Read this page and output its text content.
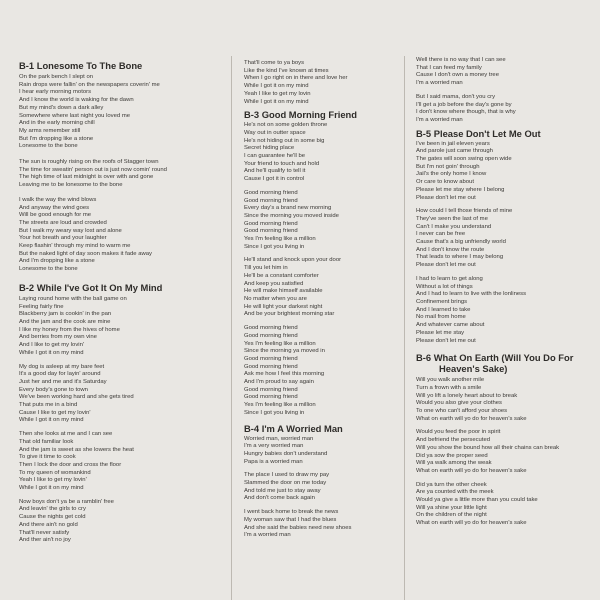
B-1 Lonesome To The Bone
On the park bench I slept on
Rain drops were fallin' on the newspapers coverin' me
I hear early morning motors
And I know the world is waking for the dawn
But my mind's down a dark alley
Somewhere where last night you loved me
And in the early morning chill
My arms remember still
But I'm dropping like a stone
Lonesome to the bone
The sun is roughly rising on the roofs of Stagger town
The time for sweatin' person out is just now comin' round
The high time of last midnight is over with and gone
Leaving me to be lonesome to the bone
I walk the way the wind blows
And anyway the wind goes
Will be good enough for me
The streets are loud and crowded
But I walk my weary way lost and alone
Your hot breath and your laughter
Keep flashin' through my mind to warm me
But the naked light of day soon makes it fade away
And I'm dropping like a stone
Lonesome to the bone
B-2 While I've Got It On My Mind
Laying round home with the ball game on
Feeling fairly fine
Blackberry jam is cookin' in the pan
And the jam and the cook are mine
I like my honey from the hives of home
And berries from my own vine
And I like to get my lovin'
While I got it on my mind
My dog is asleep at my bare feet
It's a good day for layin' around
Just her and me and it's Saturday
Every body's gone to town
We've been working hard and she gets tired
That puts me in a bind
Cause I like to get my lovin'
While I got it on my mind
Then she looks at me and I can see
That old familiar look
And the jam is sweet as she lowers the heat
To give it time to cook
Then I lock the door and cross the floor
To my queen of womankind
Yeah I like to get my lovin'
While I got it on my mind
Now boys don't ya be a ramblin' free
And leavin' the girls to cry
Cause the nights get cold
And there ain't no gold
That'll never satisfy
And ther ain't no joy
That'll come to ya boys
Like the kind I've known at times
When I go right on in there and love her
While I got it on my mind
Yeah I like to get my lovin
While I got it on my mind
B-3 Good Morning Friend
He's not on some golden throne
Way out in outter space
He's not hiding out in some big
Secret hiding place
I can guarantee he'll be
Your friend to touch and hold
And he'll qualify to tell it
Cause I got it in control
Good morning friend
Good morning friend
Every day's a brand new morning
Since the morning you moved inside
Good morning friend
Good morning friend
Yes I'm feeling like a million
Since I got you living in
He'll stand and knock upon your door
Till you let him in
He'll be a constant comforter
And keep you satisfied
He will make himself available
No matter when you are
He will light your darkest night
And be your brightest morning star
Good morning friend
Good morning friend
Yes I'm feeling like a million
Since the morning ya moved in
Good morning friend
Good morning friend
Ask me how I feel this morning
And I'm proud to say again
Good morning friend
Good morning friend
Yes I'm feeling like a million
Since I got you living in
B-4 I'm A Worried Man
Worried man, worried man
I'm a very worried man
Hungry babies don't understand
Papa is a worried man
The place I used to draw my pay
Slammed the door on me today
And told me just to stay away
And don't come back again
I went back home to break the news
My woman saw that I had the blues
And she said the babies need new shoes
I'm a worried man
Well there is no way that I can see
That I can feed my family
Cause I don't own a money tree
I'm a worried man
But I said mama, don't you cry
I'll get a job before the day's gone by
I don't know where though, that is why
I'm a worried man
B-5 Please Don't Let Me Out
I've been in jail eleven years
And parole just came through
The gates will soon swing open wide
But I'm not goin' through
Jail's the only home I know
Or care to know about
Please let me stay where I belong
Please don't let me out
How could I tell those friends of mine
They've seen the last of me
Can't I make you understand
I never can be free
Cause that's a big unfriendly world
And I don't know the route
That leads to where I may belong
Please don't let me out
I had to learn to get along
Without a lot of things
And I had to learn to live with the lonliness
Confinement brings
And I learned to take
No mail from home
And whatever came about
Please let me stay
Please don't let me out
B-6 What On Earth (Will You Do For
Heaven's Sake)
Will you walk another mile
Turn a frown with a smile
Will yo lift a lonely heart about to break
Would you also give your clothes
To one who can't afford your shoes
What on earth will yo do for heaven's sake
Would you feed the poor in spirit
And befriend the persecuted
Will you show the bound how all their chains can break
Did ya sow the proper seed
Will ya walk among the weak
What on earth will yo do for heaven's sake
Did ya turn the other cheek
Are ya counted with the meek
Would ya give a little more than you could take
Will ya shine your little light
On the children of the night
What on earth will yo do for heaven's sake
